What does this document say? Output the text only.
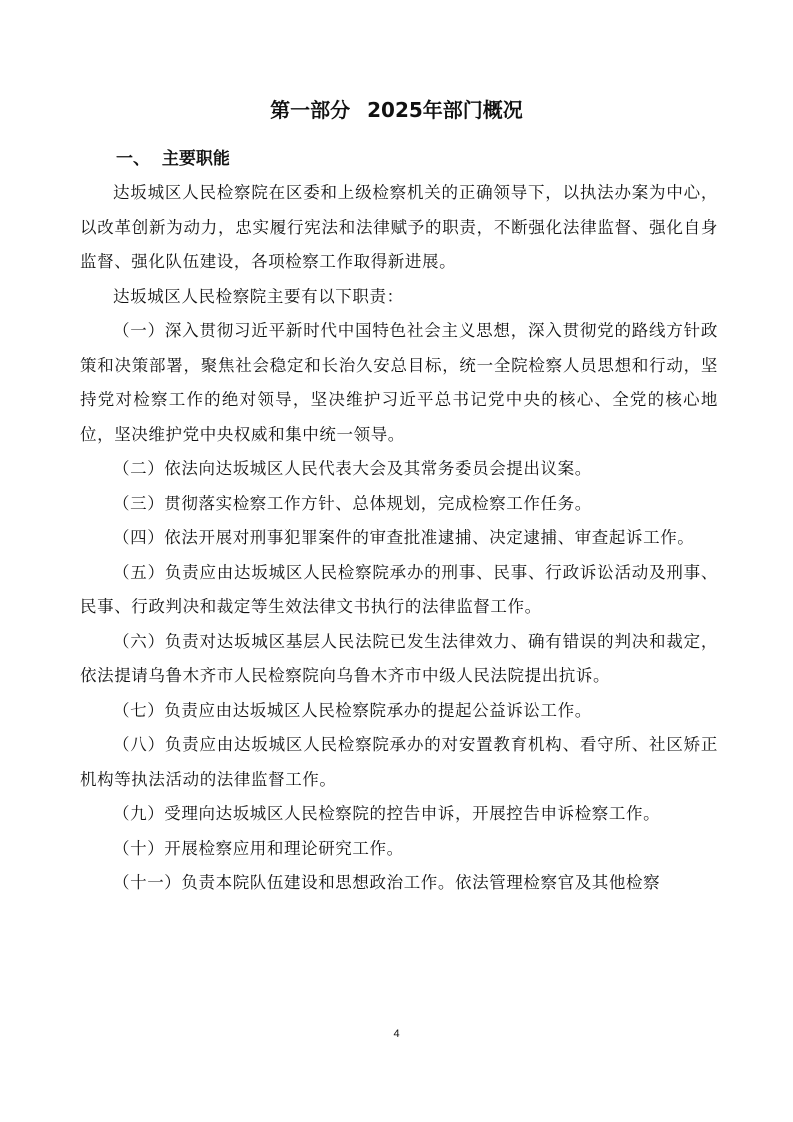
第一部分 2025年部门概况
一、  主要职能

达坂城区人民检察院在区委和上级检察机关的正确领导下，以执法办案为中心，以改革创新为动力，忠实履行宪法和法律赋予的职责，不断强化法律监督、强化自身监督、强化队伍建设，各项检察工作取得新进展。

达坂城区人民检察院主要有以下职责：

（一）深入贯彻习近平新时代中国特色社会主义思想，深入贯彻党的路线方针政策和决策部署，聚焦社会稳定和长治久安总目标，统一全院检察人员思想和行动，坚持党对检察工作的绝对领导，坚决维护习近平总书记党中央的核心、全党的核心地位，坚决维护党中央权威和集中统一领导。

（二）依法向达坂城区人民代表大会及其常务委员会提出议案。

（三）贯彻落实检察工作方针、总体规划，完成检察工作任务。

（四）依法开展对刑事犯罪案件的审查批准逮捕、决定逮捕、审查起诉工作。

（五）负责应由达坂城区人民检察院承办的刑事、民事、行政诉讼活动及刑事、民事、行政判决和裁定等生效法律文书执行的法律监督工作。

（六）负责对达坂城区基层人民法院已发生法律效力、确有错误的判决和裁定，依法提请乌鲁木齐市人民检察院向乌鲁木齐市中级人民法院提出抗诉。

（七）负责应由达坂城区人民检察院承办的提起公益诉讼工作。

（八）负责应由达坂城区人民检察院承办的对安置教育机构、看守所、社区矫正机构等执法活动的法律监督工作。

（九）受理向达坂城区人民检察院的控告申诉，开展控告申诉检察工作。

（十）开展检察应用和理论研究工作。

（十一）负责本院队伍建设和思想政治工作。依法管理检察官及其他检察

4
